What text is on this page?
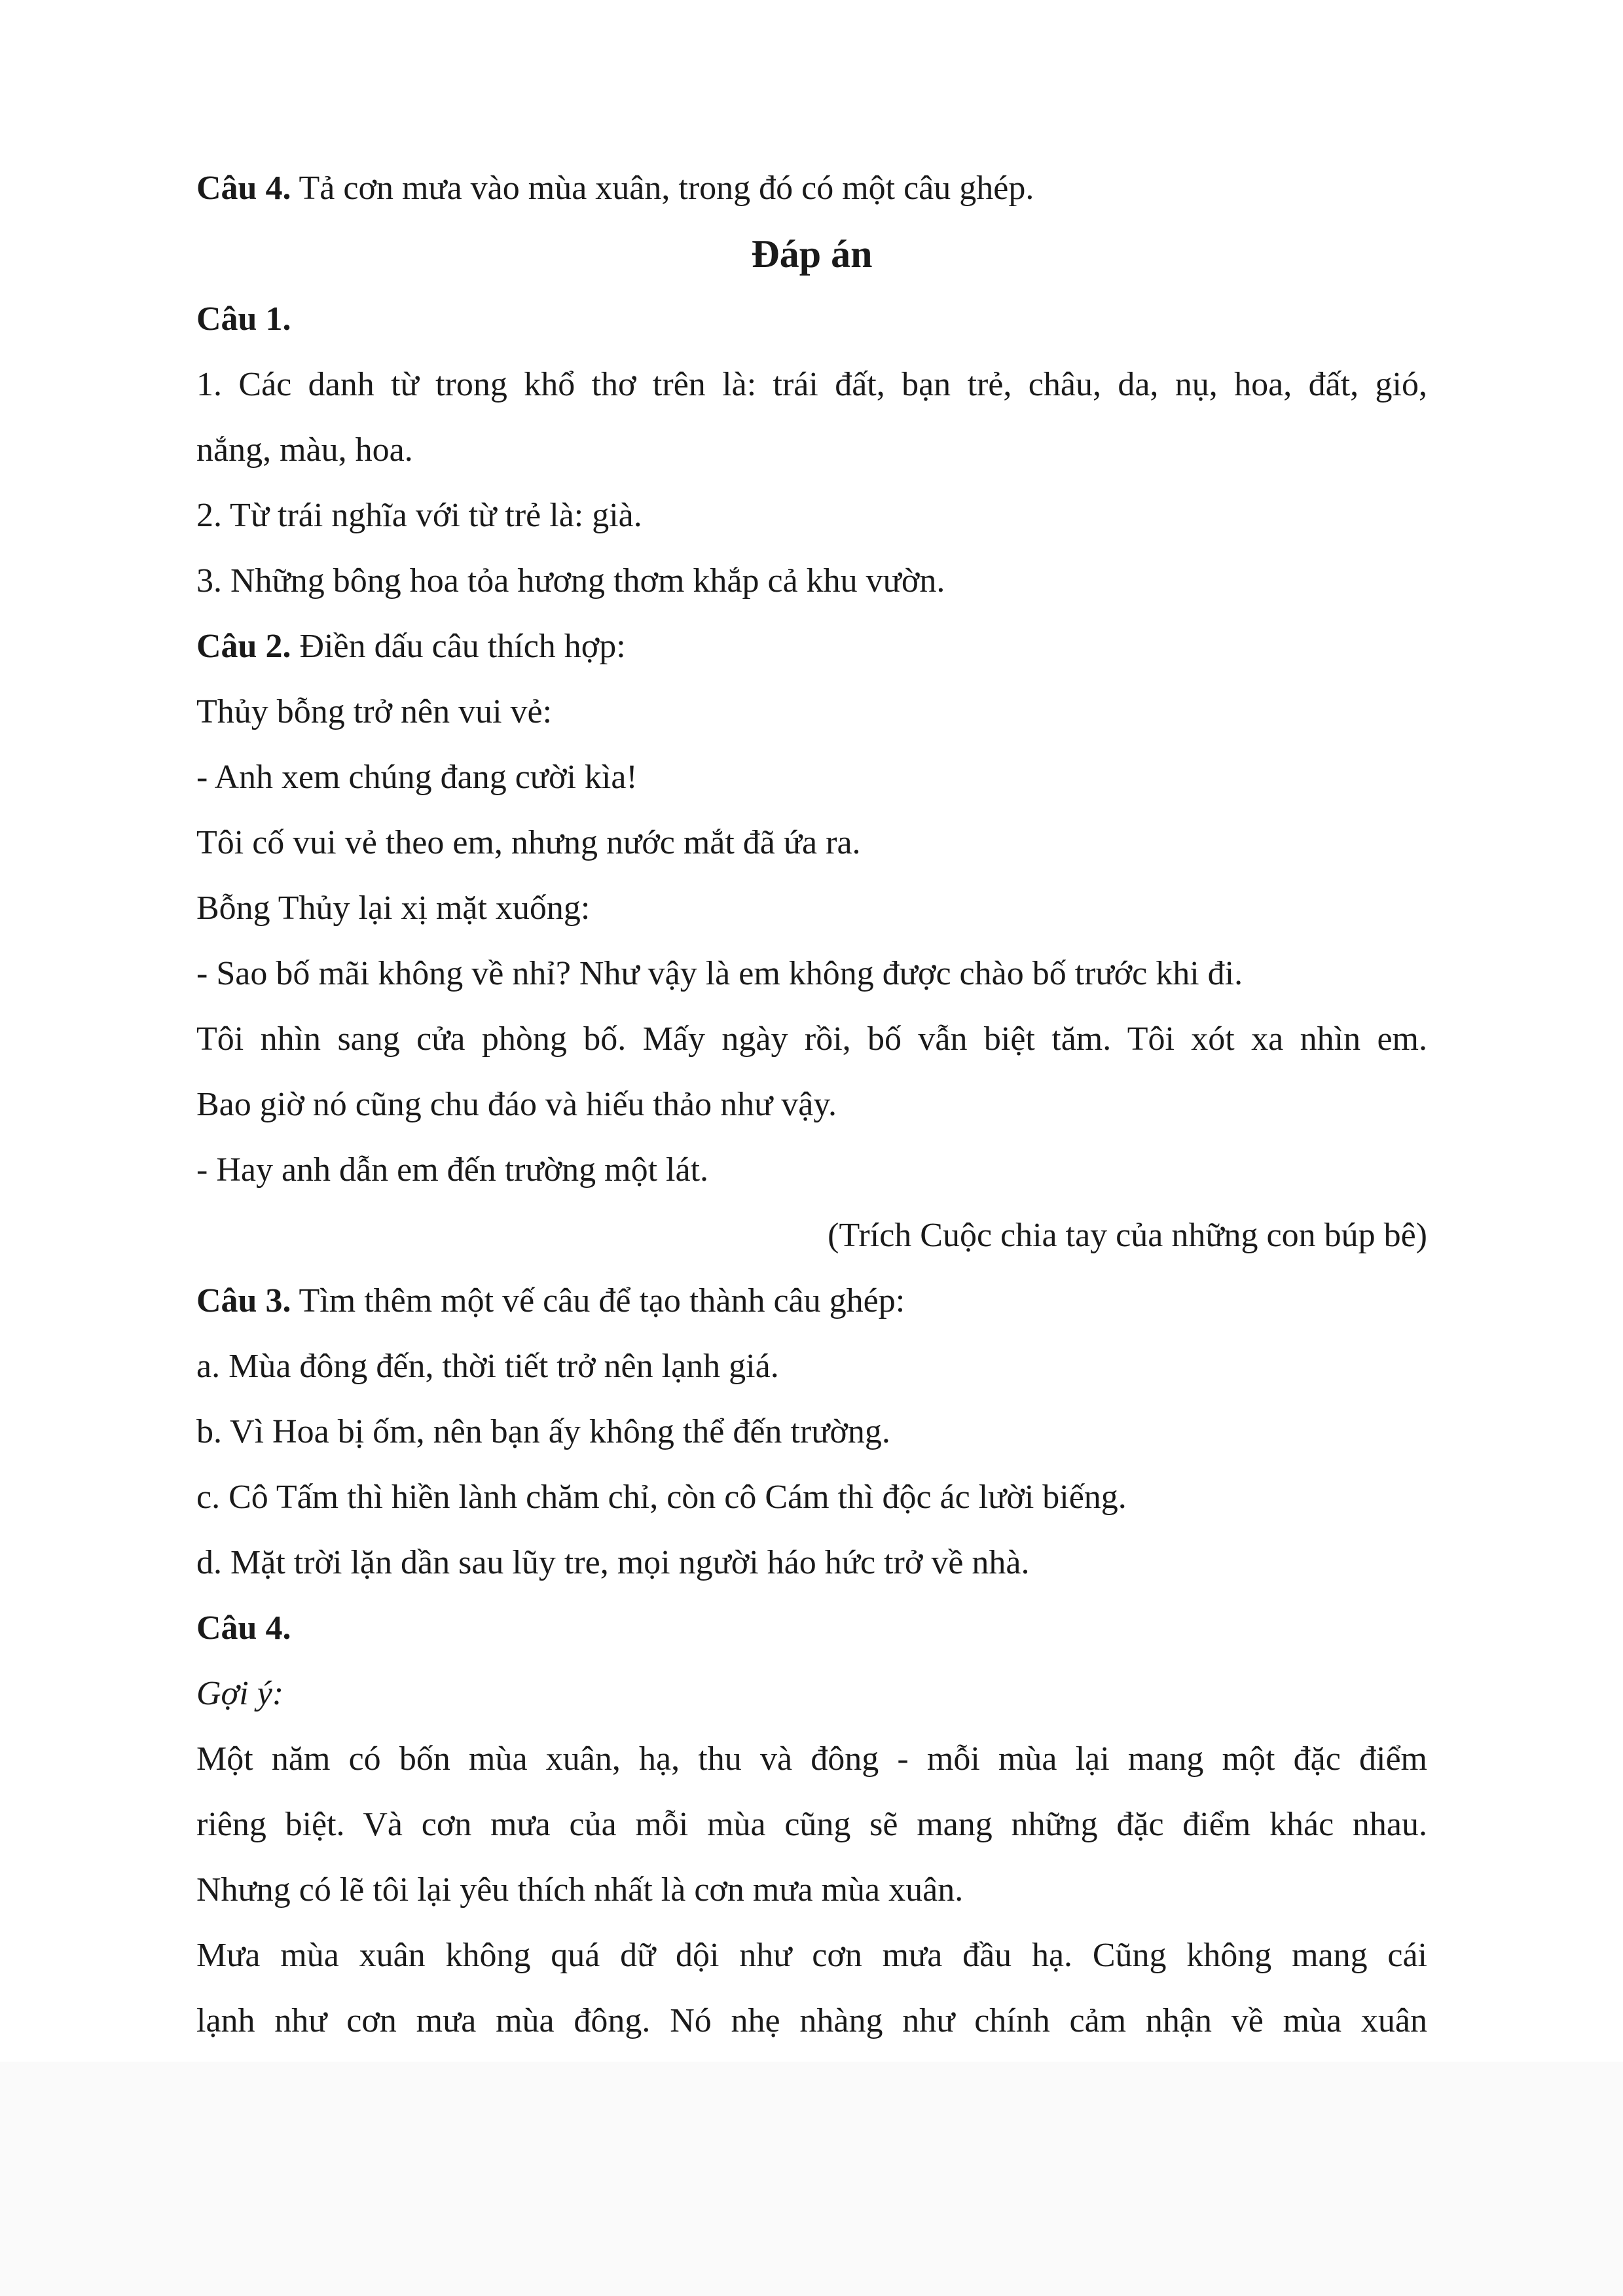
Câu 4. Tả cơn mưa vào mùa xuân, trong đó có một câu ghép.

Đáp án

Câu 1.

1. Các danh từ trong khổ thơ trên là: trái đất, bạn trẻ, châu, da, nụ, hoa, đất, gió,

nắng, màu, hoa.

2. Từ trái nghĩa với từ trẻ là: già.

3. Những bông hoa tỏa hương thơm khắp cả khu vườn.

Câu 2. Điền dấu câu thích hợp:

Thủy bỗng trở nên vui vẻ:

- Anh xem chúng đang cười kìa!

Tôi cố vui vẻ theo em, nhưng nước mắt đã ứa ra.

Bỗng Thủy lại xị mặt xuống:

- Sao bố mãi không về nhỉ? Như vậy là em không được chào bố trước khi đi.

Tôi nhìn sang cửa phòng bố. Mấy ngày rồi, bố vẫn biệt tăm. Tôi xót xa nhìn em.

Bao giờ nó cũng chu đáo và hiếu thảo như vậy.

- Hay anh dẫn em đến trường một lát.

(Trích Cuộc chia tay của những con búp bê)

Câu 3. Tìm thêm một vế câu để tạo thành câu ghép:

a. Mùa đông đến, thời tiết trở nên lạnh giá.

b. Vì Hoa bị ốm, nên bạn ấy không thể đến trường.

c. Cô Tấm thì hiền lành chăm chỉ, còn cô Cám thì độc ác lười biếng.

d. Mặt trời lặn dần sau lũy tre, mọi người háo hức trở về nhà.

Câu 4.

Gợi ý:

Một năm có bốn mùa xuân, hạ, thu và đông - mỗi mùa lại mang một đặc điểm

riêng biệt. Và cơn mưa của mỗi mùa cũng sẽ mang những đặc điểm khác nhau.

Nhưng có lẽ tôi lại yêu thích nhất là cơn mưa mùa xuân.

Mưa mùa xuân không quá dữ dội như cơn mưa đầu hạ. Cũng không mang cái

lạnh như cơn mưa mùa đông. Nó nhẹ nhàng như chính cảm nhận về mùa xuân
